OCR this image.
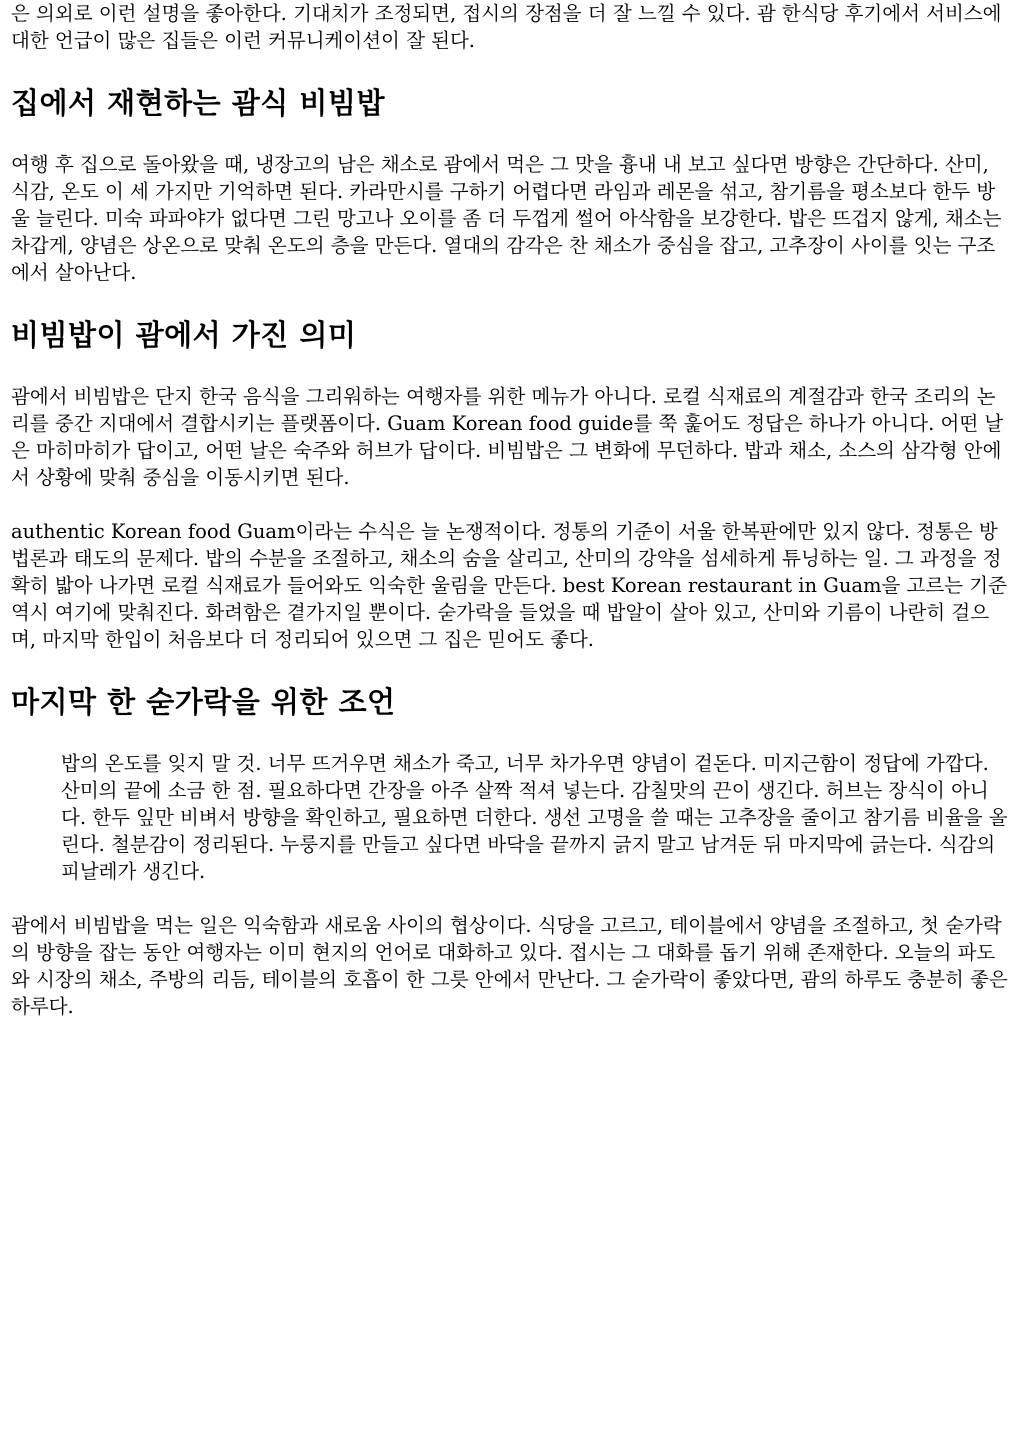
은 의외로 이런 설명을 좋아한다. 기대치가 조정되면, 접시의 장점을 더 잘 느낄 수 있다. 괌 한식당 후기에서 서비스에 대한 언급이 많은 집들은 이런 커뮤니케이션이 잘 된다.

집에서 재현하는 괌식 비빔밥

여행 후 집으로 돌아왔을 때, 냉장고의 남은 채소로 괌에서 먹은 그 맛을 흉내 내 보고 싶다면 방향은 간단하다. 산미, 식감, 온도 이 세 가지만 기억하면 된다. 카라만시를 구하기 어렵다면 라임과 레몬을 섞고, 참기름을 평소보다 한두 방울 늘린다. 미숙 파파야가 없다면 그린 망고나 오이를 좀 더 두껍게 썰어 아삭함을 보강한다. 밥은 뜨겁지 않게, 채소는 차갑게, 양념은 상온으로 맞춰 온도의 층을 만든다. 열대의 감각은 찬 채소가 중심을 잡고, 고추장이 사이를 잇는 구조에서 살아난다.

비빔밥이 괌에서 가진 의미

괌에서 비빔밥은 단지 한국 음식을 그리워하는 여행자를 위한 메뉴가 아니다. 로컬 식재료의 계절감과 한국 조리의 논리를 중간 지대에서 결합시키는 플랫폼이다. Guam Korean food guide를 쭉 훑어도 정답은 하나가 아니다. 어떤 날은 마히마히가 답이고, 어떤 날은 숙주와 허브가 답이다. 비빔밥은 그 변화에 무던하다. 밥과 채소, 소스의 삼각형 안에서 상황에 맞춰 중심을 이동시키면 된다.

authentic Korean food Guam이라는 수식은 늘 논쟁적이다. 정통의 기준이 서울 한복판에만 있지 않다. 정통은 방법론과 태도의 문제다. 밥의 수분을 조절하고, 채소의 숨을 살리고, 산미의 강약을 섬세하게 튜닝하는 일. 그 과정을 정확히 밟아 나가면 로컬 식재료가 들어와도 익숙한 울림을 만든다. best Korean restaurant in Guam을 고르는 기준 역시 여기에 맞춰진다. 화려함은 곁가지일 뿐이다. 숟가락을 들었을 때 밥알이 살아 있고, 산미와 기름이 나란히 걸으며, 마지막 한입이 처음보다 더 정리되어 있으면 그 집은 믿어도 좋다.

마지막 한 숟가락을 위한 조언
밥의 온도를 잊지 말 것. 너무 뜨거우면 채소가 죽고, 너무 차가우면 양념이 겉돈다. 미지근함이 정답에 가깝다. 산미의 끝에 소금 한 점. 필요하다면 간장을 아주 살짝 적셔 넣는다. 감칠맛의 끈이 생긴다. 허브는 장식이 아니다. 한두 잎만 비벼서 방향을 확인하고, 필요하면 더한다. 생선 고명을 쓸 때는 고추장을 줄이고 참기름 비율을 올린다. 철분감이 정리된다. 누룽지를 만들고 싶다면 바닥을 끝까지 긁지 말고 남겨둔 뒤 마지막에 긁는다. 식감의 피날레가 생긴다.

괌에서 비빔밥을 먹는 일은 익숙함과 새로움 사이의 협상이다. 식당을 고르고, 테이블에서 양념을 조절하고, 첫 숟가락의 방향을 잡는 동안 여행자는 이미 현지의 언어로 대화하고 있다. 접시는 그 대화를 돕기 위해 존재한다. 오늘의 파도와 시장의 채소, 주방의 리듬, 테이블의 호흡이 한 그릇 안에서 만난다. 그 숟가락이 좋았다면, 괌의 하루도 충분히 좋은 하루다.
